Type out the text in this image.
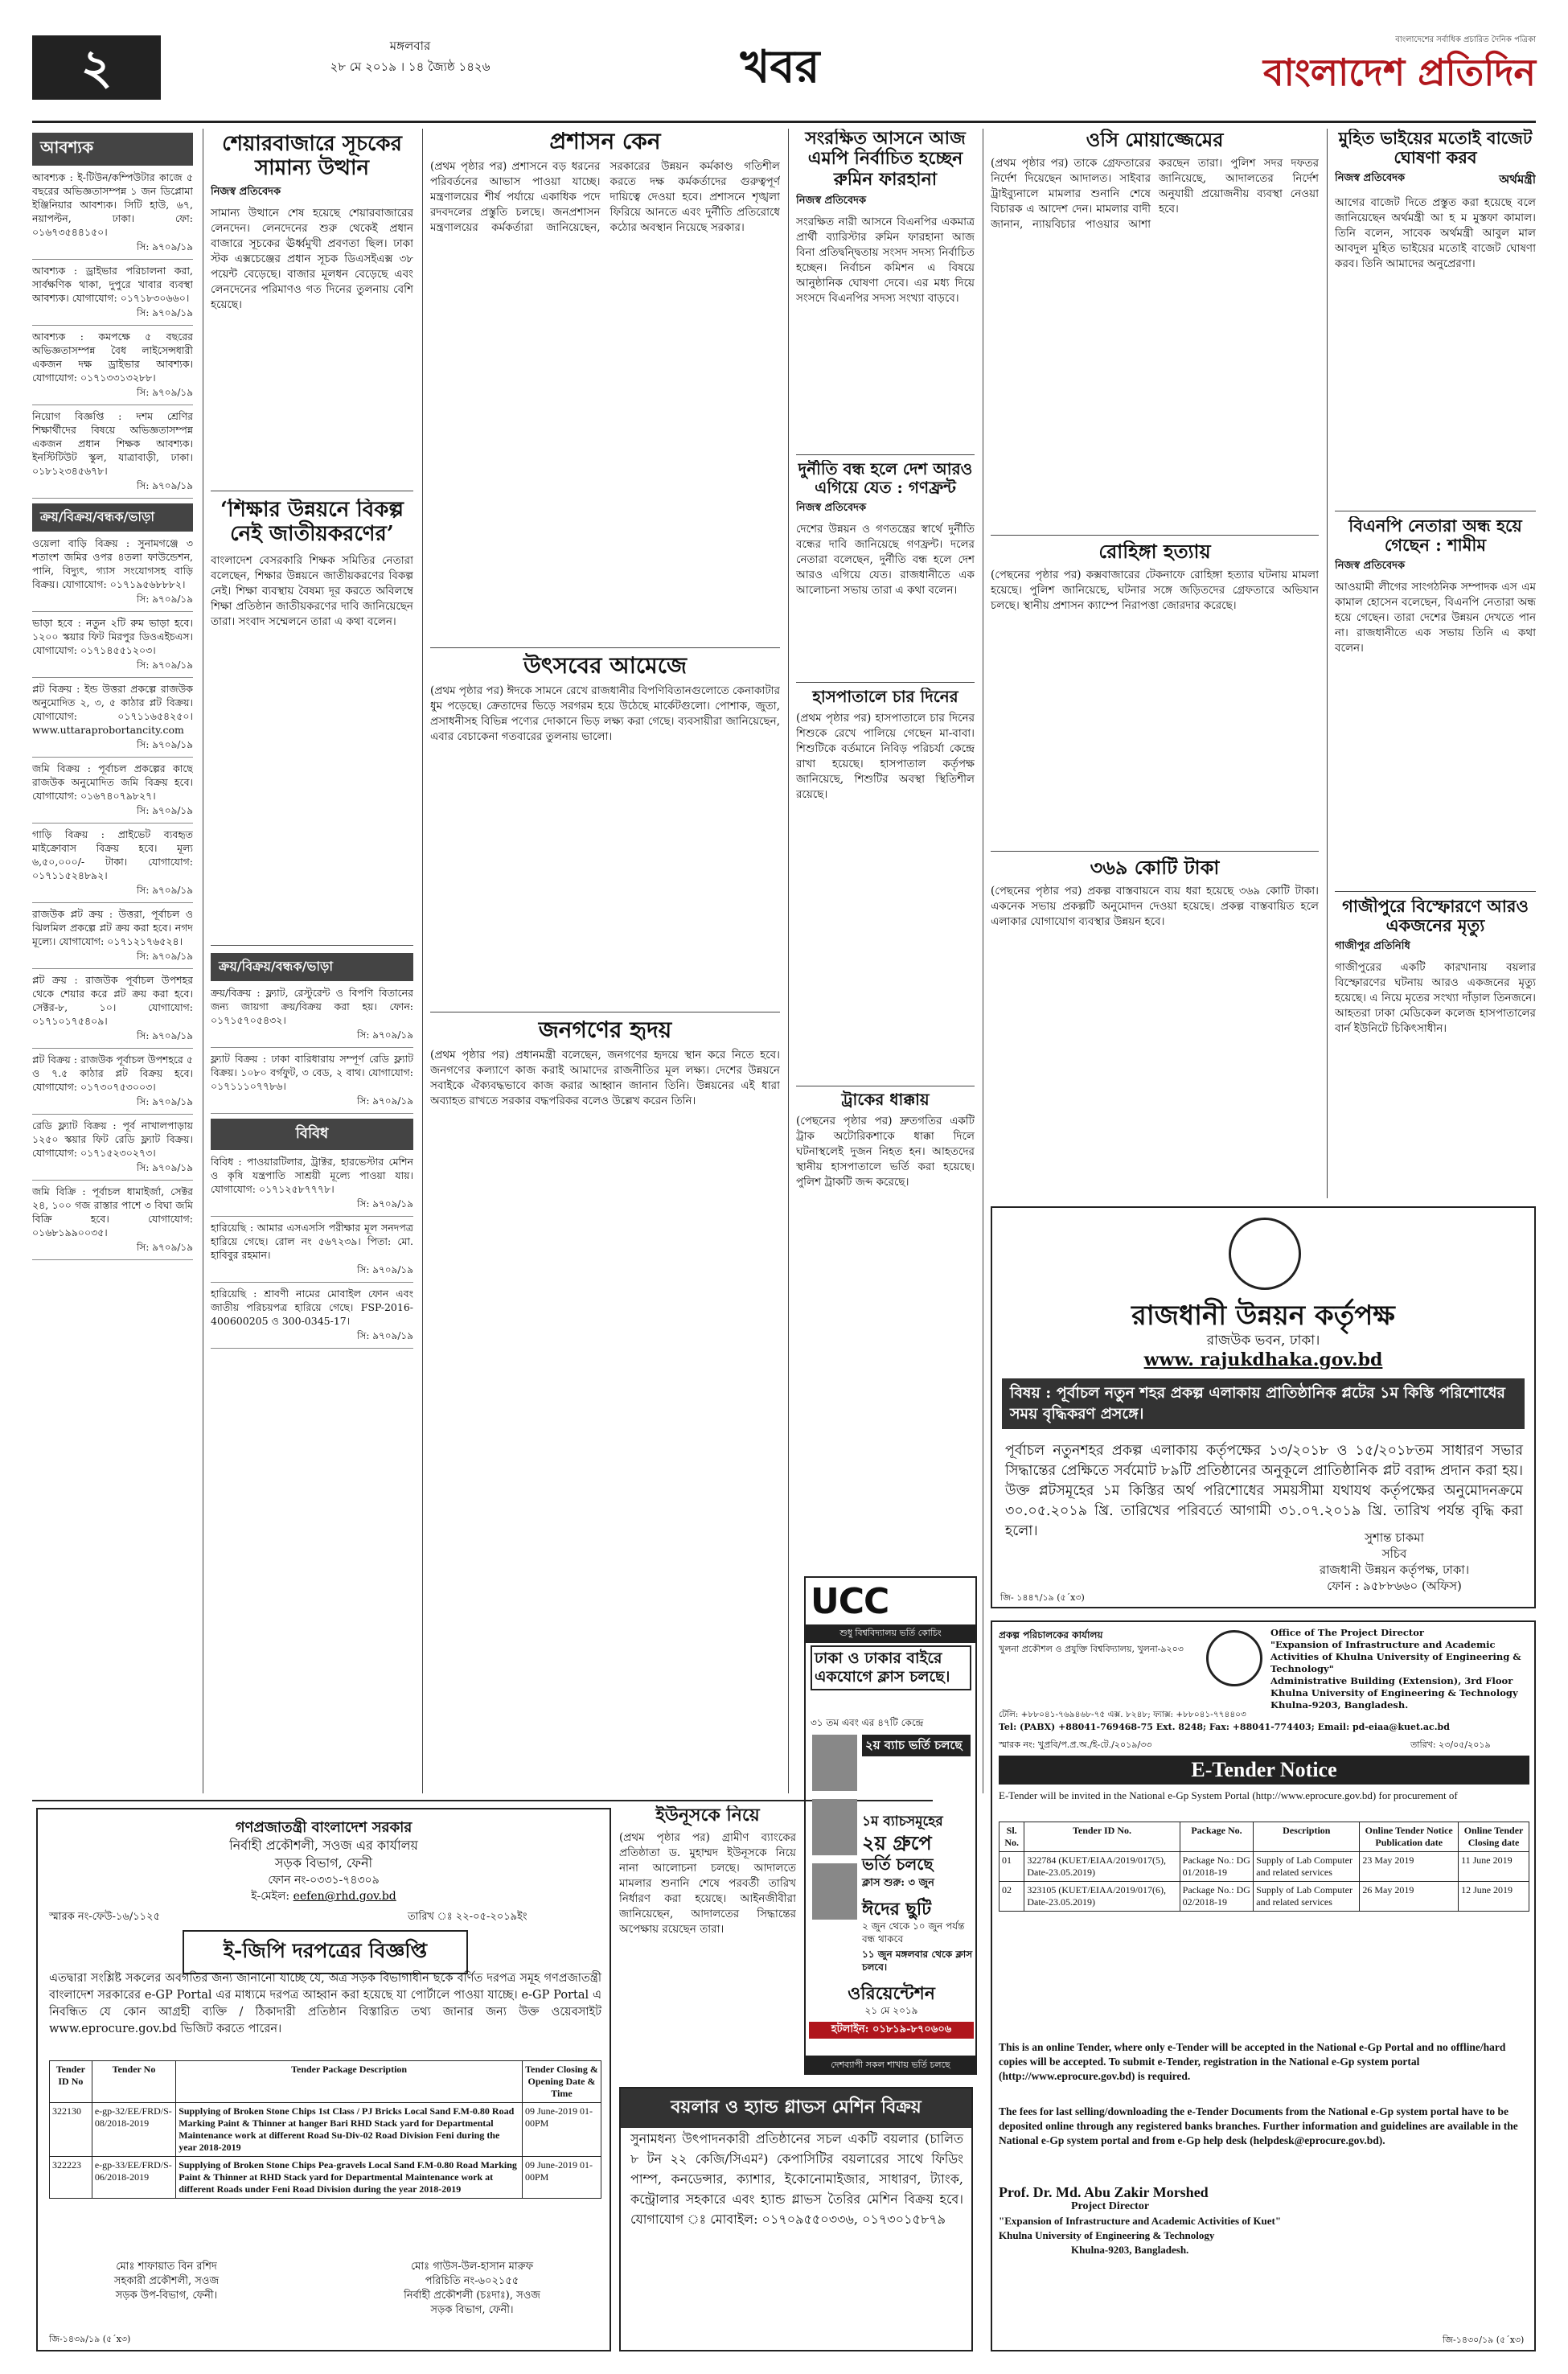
২	মঙ্গলবার
২৮ মে ২০১৯ । ১৪ জ্যৈষ্ঠ ১৪২৬	খবর
বাংলাদেশের সর্বাধিক প্রচারিত দৈনিক পত্রিকা
বাংলাদেশ প্রতিদিন
আবশ্যক

আবশ্যক : ই-টিউন/কম্পিউটার কাজে ৫ বছরের অভিজ্ঞতাসম্পন্ন ১ জন ডিপ্লোমা ইঞ্জিনিয়ার আবশ্যক। সিটি হাউ, ৬৭, নয়াপল্টন, ঢাকা। ফো: ০১৬৭৩৫৪৪১৫০।

সি: ৯৭০৯/১৯

আবশ্যক : ড্রাইভার পরিচালনা করা, সার্বক্ষণিক থাকা, দুপুরে খাবার ব্যবস্থা আবশ্যক। যোগাযোগ: ০১৭১৮৩০৬৬০।

সি: ৯৭০৯/১৯

আবশ্যক : কমপক্ষে ৫ বছরের অভিজ্ঞতাসম্পন্ন বৈধ লাইসেন্সধারী একজন দক্ষ ড্রাইভার আবশ্যক। যোগাযোগ: ০১৭১৩৩১৩২৮৮।

সি: ৯৭০৯/১৯

নিয়োগ বিজ্ঞপ্তি : দশম শ্রেণির শিক্ষার্থীদের বিষয়ে অভিজ্ঞতাসম্পন্ন একজন প্রধান শিক্ষক আবশ্যক। ইনস্টিটিউট স্কুল, যাত্রাবাড়ী, ঢাকা। ০১৮১২৩৪৫৬৭৮।

সি: ৯৭০৯/১৯
ক্রয়/বিক্রয়/বন্ধক/ভাড়া

ওয়েলা বাড়ি বিক্রয় : সুনামগঞ্জে ৩ শতাংশ জমির ওপর ৪তলা ফাউন্ডেশন, পানি, বিদ্যুৎ, গ্যাস সংযোগসহ বাড়ি বিক্রয়। যোগাযোগ: ০১৭১৯৫৬৮৮৮২।

সি: ৯৭০৯/১৯

ভাড়া হবে : নতুন ২টি রুম ভাড়া হবে। ১২০০ স্কয়ার ফিট মিরপুর ডিওএইচএস। যোগাযোগ: ০১৭১৪৫৫১২০৩।

সি: ৯৭০৯/১৯

প্লট বিক্রয় : ইন্ড উত্তরা প্রকল্পে রাজউক অনুমোদিত ২, ৩, ৫ কাঠার প্লট বিক্রয়। যোগাযোগ: ০১৭১১৬৫৪২৫০। www.uttaraprobortancity.com

সি: ৯৭০৯/১৯

জমি বিক্রয় : পূর্বাচল প্রকল্পের কাছে রাজউক অনুমোদিত জমি বিক্রয় হবে। যোগাযোগ: ০১৬৭৪০৭৯৮২৭।

সি: ৯৭০৯/১৯

গাড়ি বিক্রয় : প্রাইভেট ব্যবহৃত মাইক্রোবাস বিক্রয় হবে। মূল্য ৬,৫০,০০০/- টাকা। যোগাযোগ: ০১৭১১৫২৪৮৯২।

সি: ৯৭০৯/১৯

রাজউক প্লট ক্রয় : উত্তরা, পূর্বাচল ও ঝিলমিল প্রকল্পে প্লট ক্রয় করা হবে। নগদ মূল্যে। যোগাযোগ: ০১৭১২১৭৬৫২৪।

সি: ৯৭০৯/১৯

প্লট ক্রয় : রাজউক পূর্বাচল উপশহর থেকে শেয়ার করে প্লট ক্রয় করা হবে। সেক্টর-৮, ১০। যোগাযোগ: ০১৭১০১৭৫৪০৯।

সি: ৯৭০৯/১৯

প্লট বিক্রয় : রাজউক পূর্বাচল উপশহরে ৫ ও ৭.৫ কাঠার প্লট বিক্রয় হবে। যোগাযোগ: ০১৭৩০৭৫৩০০৩।

সি: ৯৭০৯/১৯

রেডি ফ্ল্যাট বিক্রয় : পূর্ব নাখালপাড়ায় ১২৫০ স্কয়ার ফিট রেডি ফ্ল্যাট বিক্রয়। যোগাযোগ: ০১৭১৫২৩০২৭৩।

সি: ৯৭০৯/১৯

জমি বিক্রি : পূর্বাচল ধামাইর্জা, সেক্টর ২৪, ১০০ গজ রাস্তার পাশে ৩ বিঘা জমি বিক্রি হবে। যোগাযোগ: ০১৬৮১৯৯০০৩৫।

সি: ৯৭০৯/১৯
শেয়ারবাজারে সূচকের সামান্য উত্থান
নিজস্ব প্রতিবেদক
সামান্য উত্থানে শেষ হয়েছে শেয়ারবাজারের লেনদেন। লেনদেনের শুরু থেকেই প্রধান বাজারে সূচকের ঊর্ধ্বমুখী প্রবণতা ছিল। ঢাকা স্টক এক্সচেঞ্জের প্রধান সূচক ডিএসইএক্স ৩৮ পয়েন্ট বেড়েছে। বাজার মূলধন বেড়েছে এবং লেনদেনের পরিমাণও গত দিনের তুলনায় বেশি হয়েছে।
‘শিক্ষার উন্নয়নে বিকল্প নেই জাতীয়করণের’
বাংলাদেশ বেসরকারি শিক্ষক সমিতির নেতারা বলেছেন, শিক্ষার উন্নয়নে জাতীয়করণের বিকল্প নেই। শিক্ষা ব্যবস্থায় বৈষম্য দূর করতে অবিলম্বে শিক্ষা প্রতিষ্ঠান জাতীয়করণের দাবি জানিয়েছেন তারা। সংবাদ সম্মেলনে তারা এ কথা বলেন।
ক্রয়/বিক্রয়/বন্ধক/ভাড়া

ক্রয়/বিক্রয় : ফ্ল্যাট, রেস্টুরেন্ট ও বিপণি বিতানের জন্য জায়গা ক্রয়/বিক্রয় করা হয়। ফোন: ০১৭১৫৭০৫৪৩২।

সি: ৯৭০৯/১৯

ফ্ল্যাট বিক্রয় : ঢাকা বারিধারায় সম্পূর্ণ রেডি ফ্ল্যাট বিক্রয়। ১০৮০ বর্গফুট, ৩ বেড, ২ বাথ। যোগাযোগ: ০১৭১১১০৭৭৮৬।

সি: ৯৭০৯/১৯
বিবিধ

বিবিধ : পাওয়ারটিলার, ট্রাক্টর, হারভেস্টার মেশিন ও কৃষি যন্ত্রপাতি সাশ্রয়ী মূল্যে পাওয়া যায়। যোগাযোগ: ০১৭১২৫৮৭৭৭৮।

সি: ৯৭০৯/১৯

হারিয়েছি : আমার এসএসসি পরীক্ষার মূল সনদপত্র হারিয়ে গেছে। রোল নং ৫৬৭২৩৯। পিতা: মো. হাবিবুর রহমান।

সি: ৯৭০৯/১৯

হারিয়েছি : শ্রাবণী নামের মোবাইল ফোন এবং জাতীয় পরিচয়পত্র হারিয়ে গেছে। FSP-2016-400600205 ও 300-0345-17।

সি: ৯৭০৯/১৯
প্রশাসন কেন
(প্রথম পৃষ্ঠার পর) প্রশাসনে বড় ধরনের পরিবর্তনের আভাস পাওয়া যাচ্ছে। মন্ত্রণালয়ের শীর্ষ পর্যায়ে একাধিক পদে রদবদলের প্রস্তুতি চলছে। জনপ্রশাসন মন্ত্রণালয়ের কর্মকর্তারা জানিয়েছেন, সরকারের উন্নয়ন কর্মকাণ্ড গতিশীল করতে দক্ষ কর্মকর্তাদের গুরুত্বপূর্ণ দায়িত্বে দেওয়া হবে। প্রশাসনে শৃঙ্খলা ফিরিয়ে আনতে এবং দুর্নীতি প্রতিরোধে কঠোর অবস্থান নিয়েছে সরকার।
উৎসবের আমেজে
(প্রথম পৃষ্ঠার পর) ঈদকে সামনে রেখে রাজধানীর বিপণিবিতানগুলোতে কেনাকাটার ধুম পড়েছে। ক্রেতাদের ভিড়ে সরগরম হয়ে উঠেছে মার্কেটগুলো। পোশাক, জুতা, প্রসাধনীসহ বিভিন্ন পণ্যের দোকানে ভিড় লক্ষ্য করা গেছে। ব্যবসায়ীরা জানিয়েছেন, এবার বেচাকেনা গতবারের তুলনায় ভালো।
জনগণের হৃদয়
(প্রথম পৃষ্ঠার পর) প্রধানমন্ত্রী বলেছেন, জনগণের হৃদয়ে স্থান করে নিতে হবে। জনগণের কল্যাণে কাজ করাই আমাদের রাজনীতির মূল লক্ষ্য। দেশের উন্নয়নে সবাইকে ঐক্যবদ্ধভাবে কাজ করার আহ্বান জানান তিনি। উন্নয়নের এই ধারা অব্যাহত রাখতে সরকার বদ্ধপরিকর বলেও উল্লেখ করেন তিনি।
সংরক্ষিত আসনে আজ এমপি নির্বাচিত হচ্ছেন রুমিন ফারহানা
নিজস্ব প্রতিবেদক
সংরক্ষিত নারী আসনে বিএনপির একমাত্র প্রার্থী ব্যারিস্টার রুমিন ফারহানা আজ বিনা প্রতিদ্বন্দ্বিতায় সংসদ সদস্য নির্বাচিত হচ্ছেন। নির্বাচন কমিশন এ বিষয়ে আনুষ্ঠানিক ঘোষণা দেবে। এর মধ্য দিয়ে সংসদে বিএনপির সদস্য সংখ্যা বাড়বে।
দুর্নীতি বন্ধ হলে দেশ আরও এগিয়ে যেত : গণফ্রন্ট
নিজস্ব প্রতিবেদক
দেশের উন্নয়ন ও গণতন্ত্রের স্বার্থে দুর্নীতি বন্ধের দাবি জানিয়েছে গণফ্রন্ট। দলের নেতারা বলেছেন, দুর্নীতি বন্ধ হলে দেশ আরও এগিয়ে যেত। রাজধানীতে এক আলোচনা সভায় তারা এ কথা বলেন।
হাসপাতালে চার দিনের
(প্রথম পৃষ্ঠার পর) হাসপাতালে চার দিনের শিশুকে রেখে পালিয়ে গেছেন মা-বাবা। শিশুটিকে বর্তমানে নিবিড় পরিচর্যা কেন্দ্রে রাখা হয়েছে। হাসপাতাল কর্তৃপক্ষ জানিয়েছে, শিশুটির অবস্থা স্থিতিশীল রয়েছে।
ট্রাকের ধাক্কায়
(পেছনের পৃষ্ঠার পর) দ্রুতগতির একটি ট্রাক অটোরিকশাকে ধাক্কা দিলে ঘটনাস্থলেই দুজন নিহত হন। আহতদের স্থানীয় হাসপাতালে ভর্তি করা হয়েছে। পুলিশ ট্রাকটি জব্দ করেছে।
ওসি মোয়াজ্জেমের
(প্রথম পৃষ্ঠার পর) তাকে গ্রেফতারের নির্দেশ দিয়েছেন আদালত। সাইবার ট্রাইব্যুনালে মামলার শুনানি শেষে বিচারক এ আদেশ দেন। মামলার বাদী জানান, ন্যায়বিচার পাওয়ার আশা করছেন তারা। পুলিশ সদর দফতর জানিয়েছে, আদালতের নির্দেশ অনুযায়ী প্রয়োজনীয় ব্যবস্থা নেওয়া হবে।
রোহিঙ্গা হত্যায়
(পেছনের পৃষ্ঠার পর) কক্সবাজারের টেকনাফে রোহিঙ্গা হত্যার ঘটনায় মামলা হয়েছে। পুলিশ জানিয়েছে, ঘটনার সঙ্গে জড়িতদের গ্রেফতারে অভিযান চলছে। স্থানীয় প্রশাসন ক্যাম্পে নিরাপত্তা জোরদার করেছে।
৩৬৯ কোটি টাকা
(পেছনের পৃষ্ঠার পর) প্রকল্প বাস্তবায়নে ব্যয় ধরা হয়েছে ৩৬৯ কোটি টাকা। একনেক সভায় প্রকল্পটি অনুমোদন দেওয়া হয়েছে। প্রকল্প বাস্তবায়িত হলে এলাকার যোগাযোগ ব্যবস্থার উন্নয়ন হবে।
মুহিত ভাইয়ের মতোই বাজেট ঘোষণা করব
নিজস্ব প্রতিবেদক	অর্থমন্ত্রী
আগের বাজেট দিতে প্রস্তুত করা হয়েছে বলে জানিয়েছেন অর্থমন্ত্রী আ হ ম মুস্তফা কামাল। তিনি বলেন, সাবেক অর্থমন্ত্রী আবুল মাল আবদুল মুহিত ভাইয়ের মতোই বাজেট ঘোষণা করব। তিনি আমাদের অনুপ্রেরণা।
বিএনপি নেতারা অন্ধ হয়ে গেছেন : শামীম
নিজস্ব প্রতিবেদক
আওয়ামী লীগের সাংগঠনিক সম্পাদক এস এম কামাল হোসেন বলেছেন, বিএনপি নেতারা অন্ধ হয়ে গেছেন। তারা দেশের উন্নয়ন দেখতে পান না। রাজধানীতে এক সভায় তিনি এ কথা বলেন।
গাজীপুরে বিস্ফোরণে আরও একজনের মৃত্যু
গাজীপুর প্রতিনিধি
গাজীপুরের একটি কারখানায় বয়লার বিস্ফোরণের ঘটনায় আরও একজনের মৃত্যু হয়েছে। এ নিয়ে মৃতের সংখ্যা দাঁড়াল তিনজনে। আহতরা ঢাকা মেডিকেল কলেজ হাসপাতালের বার্ন ইউনিটে চিকিৎসাধীন।
রাজধানী উন্নয়ন কর্তৃপক্ষ
রাজউক ভবন, ঢাকা।
www. rajukdhaka.gov.bd
বিষয় : পূর্বাচল নতুন শহর প্রকল্প এলাকায় প্রাতিষ্ঠানিক প্লটের ১ম কিস্তি পরিশোধের সময় বৃদ্ধিকরণ প্রসঙ্গে।
পূর্বাচল নতুনশহর প্রকল্প এলাকায় কর্তৃপক্ষের ১৩/২০১৮ ও ১৫/২০১৮তম সাধারণ সভার সিদ্ধান্তের প্রেক্ষিতে সর্বমোট ৮৯টি প্রতিষ্ঠানের অনুকূলে প্রাতিষ্ঠানিক প্লট বরাদ্দ প্রদান করা হয়। উক্ত প্লটসমূহের ১ম কিস্তির অর্থ পরিশোধের সময়সীমা যথাযথ কর্তৃপক্ষের অনুমোদনক্রমে ৩০.০৫.২০১৯ খ্রি. তারিখের পরিবর্তে আগামী ৩১.০৭.২০১৯ খ্রি. তারিখ পর্যন্ত বৃদ্ধি করা হলো।	সুশান্ত চাকমা
সচিব
রাজধানী উন্নয়ন কর্তৃপক্ষ, ঢাকা।
ফোন : ৯৫৮৮৬৬০ (অফিস)
জি- ১৪৪৭/১৯ (৫´x৩)
গণপ্রজাতন্ত্রী বাংলাদেশ সরকার
নির্বাহী প্রকৌশলী, সওজ এর কার্যালয়
সড়ক বিভাগ, ফেনী
ফোন নং-০৩৩১-৭৪৩০৯
ই-মেইল: eefen@rhd.gov.bd
স্মারক নং-ফেউ-১৬/১১২৫	তারিখ ঃ ২২-০৫-২০১৯ইং
ই-জিপি দরপত্রের বিজ্ঞপ্তি
এতদ্বারা সংশ্লিষ্ট সকলের অবগতির জন্য জানানো যাচ্ছে যে, অত্র সড়ক বিভাগাধীন ছকে বর্ণিত দরপত্র সমূহ গণপ্রজাতন্ত্রী বাংলাদেশ সরকারের e-GP Portal এর মাধ্যমে দরপত্র আহ্বান করা হয়েছে যা পোর্টালে পাওয়া যাচ্ছে। e-GP Portal এ নিবন্ধিত যে কোন আগ্রহী ব্যক্তি / ঠিকাদারী প্রতিষ্ঠান বিস্তারিত তথ্য জানার জন্য উক্ত ওয়েবসাইট www.eprocure.gov.bd ভিজিট করতে পারেন।
Tender ID No	Tender No	Tender Package Description	Tender Closing & Opening Date & Time
322130	e-gp-32/EE/FRD/S-08/2018-2019	Supplying of Broken Stone Chips 1st Class / PJ Bricks Local Sand F.M-0.80 Road Marking Paint & Thinner at hanger Bari RHD Stack yard for Departmental Maintenance work at different Road Su-Div-02 Road Division Feni during the year 2018-2019	09 June-2019 01-00PM
322223	e-gp-33/EE/FRD/S-06/2018-2019	Supplying of Broken Stone Chips Pea-gravels Local Sand F.M-0.80 Road Marking Paint & Thinner at RHD Stack yard for Departmental Maintenance work at different Roads under Feni Road Division during the year 2018-2019	09 June-2019 01-00PM
মোঃ শাফায়াত বিন রশিদ
সহকারী প্রকৌশলী, সওজ
সড়ক উপ-বিভাগ, ফেনী।
মোঃ গাউস-উল-হাসান মারুফ
পরিচিতি নং-৬০২১৫৫
নির্বাহী প্রকৌশলী (চঃদাঃ), সওজ
সড়ক বিভাগ, ফেনী।
জি-১৪৩৯/১৯ (৫´x৩)
ইউনূসকে নিয়ে
(প্রথম পৃষ্ঠার পর) গ্রামীণ ব্যাংকের প্রতিষ্ঠাতা ড. মুহাম্মদ ইউনূসকে নিয়ে নানা আলোচনা চলছে। আদালতে মামলার শুনানি শেষে পরবর্তী তারিখ নির্ধারণ করা হয়েছে। আইনজীবীরা জানিয়েছেন, আদালতের সিদ্ধান্তের অপেক্ষায় রয়েছেন তারা।
UCC
শুধু বিশ্ববিদ্যালয় ভর্তি কোচিং
ঢাকা ও ঢাকার বাইরে একযোগে ক্লাস চলছে।
৩১ তম এবং এর ৪৭টি কেন্দ্রে
২য় ব্যাচ ভর্তি চলছে
১ম ব্যাচসমূহের
২য় গ্রুপে
ভর্তি চলছে
ক্লাস শুরু: ৩ জুন
ঈদের ছুটি
২ জুন থেকে ১০ জুন পর্যন্ত বন্ধ থাকবে
১১ জুন মঙ্গলবার থেকে ক্লাস চলবে।
ওরিয়েন্টেশন
২১ মে ২০১৯
হটলাইন: ০১৮১৯-৮৭০৬০৬
দেশব্যাপী সকল শাখায় ভর্তি চলছে
বয়লার ও হ্যান্ড গ্লাভস মেশিন বিক্রয়
সুনামধন্য উৎপাদনকারী প্রতিষ্ঠানের সচল একটি বয়লার (চালিত ৮ টন ২২ কেজি/সিএম²) কেপাসিটির বয়লারের সাথে ফিডিং পাম্প, কনডেন্সার, ক্যাশার, ইকোনোমাইজার, সাধারণ, ট্যাংক, কন্ট্রোলার সহকারে এবং হ্যান্ড গ্লাভস তৈরির মেশিন বিক্রয় হবে। যোগাযোগ ঃ মোবাইল: ০১৭০৯৫৫০৩৩৬, ০১৭৩০১৫৮৭৯
প্রকল্প পরিচালকের কার্যালয়
খুলনা প্রকৌশল ও প্রযুক্তি বিশ্ববিদ্যালয়, খুলনা-৯২০৩
Office of The Project Director
"Expansion of Infrastructure and Academic Activities of Khulna University of Engineering & Technology"
Administrative Building (Extension), 3rd Floor
Khulna University of Engineering & Technology
Khulna-9203, Bangladesh.
টেলি: +৮৮০৪১-৭৬৯৪৬৮-৭৫ এক্স. ৮২৪৮; ফ্যাক্স: +৮৮০৪১-৭৭৪৪০৩
Tel: (PABX) +88041-769468-75 Ext. 8248; Fax: +88041-774403; Email: pd-eiaa@kuet.ac.bd
স্মারক নং: খুপ্রবি/প.প্র.অ./ই-টে./২০১৯/৩৩	তারিখ: ২৩/০৫/২০১৯
E-Tender Notice
E-Tender will be invited in the National e-Gp System Portal (http://www.eprocure.gov.bd) for procurement of
Sl. No.	Tender ID No.	Package No.	Description	Online Tender Notice Publication date	Online Tender Closing date
01	322784 (KUET/EIAA/2019/017(5), Date-23.05.2019)	Package No.: DG 01/2018-19	Supply of Lab Computer and related services	23 May 2019	11 June 2019
02	323105 (KUET/EIAA/2019/017(6), Date-23.05.2019)	Package No.: DG 02/2018-19	Supply of Lab Computer and related services	26 May 2019	12 June 2019
This is an online Tender, where only e-Tender will be accepted in the National e-Gp Portal and no offline/hard copies will be accepted. To submit e-Tender, registration in the National e-Gp system portal (http://www.eprocure.gov.bd) is required.
The fees for last selling/downloading the e-Tender Documents from the National e-Gp system portal have to be deposited online through any registered banks branches. Further information and guidelines are available in the National e-Gp system portal and from e-Gp help desk (helpdesk@eprocure.gov.bd).
Prof. Dr. Md. Abu Zakir Morshed
Project Director
"Expansion of Infrastructure and Academic Activities of Kuet"
Khulna University of Engineering & Technology
Khulna-9203, Bangladesh.
জি-১৪৩০/১৯ (৫´x৩)
